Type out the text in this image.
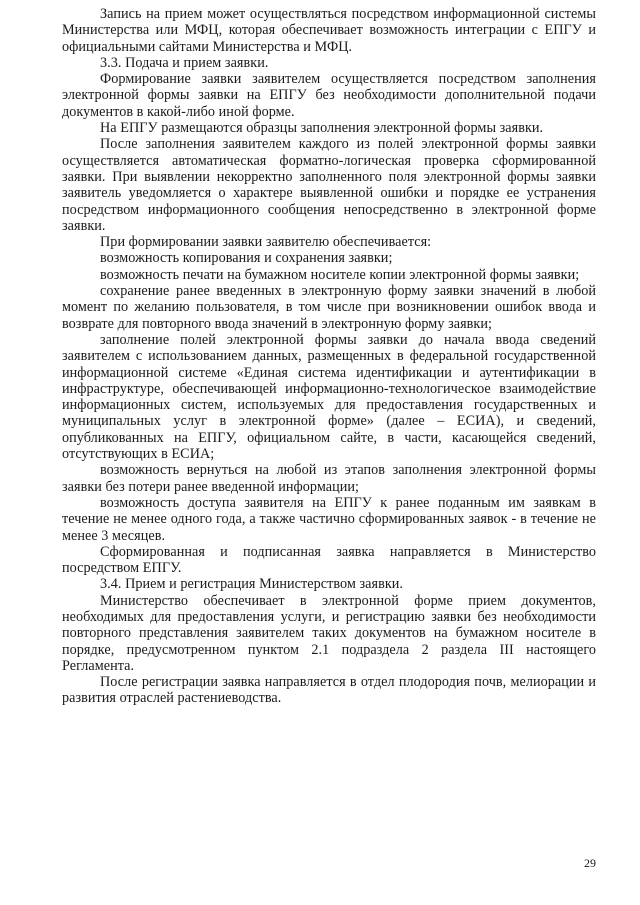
Запись на прием может осуществляться посредством информационной системы Министерства или МФЦ, которая обеспечивает возможность интеграции с ЕПГУ и официальными сайтами Министерства и МФЦ.

3.3. Подача и прием заявки.

Формирование заявки заявителем осуществляется посредством заполнения электронной формы заявки на ЕПГУ без необходимости дополнительной подачи документов в какой-либо иной форме.

На ЕПГУ размещаются образцы заполнения электронной формы заявки.

После заполнения заявителем каждого из полей электронной формы заявки осуществляется автоматическая форматно-логическая проверка сформированной заявки. При выявлении некорректно заполненного поля электронной формы заявки заявитель уведомляется о характере выявленной ошибки и порядке ее устранения посредством информационного сообщения непосредственно в электронной форме заявки.

При формировании заявки заявителю обеспечивается:

возможность копирования и сохранения заявки;

возможность печати на бумажном носителе копии электронной формы заявки;

сохранение ранее введенных в электронную форму заявки значений в любой момент по желанию пользователя, в том числе при возникновении ошибок ввода и возврате для повторного ввода значений в электронную форму заявки;

заполнение полей электронной формы заявки до начала ввода сведений заявителем с использованием данных, размещенных в федеральной государственной информационной системе «Единая система идентификации и аутентификации в инфраструктуре, обеспечивающей информационно-технологическое взаимодействие информационных систем, используемых для предоставления государственных и муниципальных услуг в электронной форме» (далее – ЕСИА), и сведений, опубликованных на ЕПГУ, официальном сайте, в части, касающейся сведений, отсутствующих в ЕСИА;

возможность вернуться на любой из этапов заполнения электронной формы заявки без потери ранее введенной информации;

возможность доступа заявителя на ЕПГУ к ранее поданным им заявкам в течение не менее одного года, а также частично сформированных заявок - в течение не менее 3 месяцев.

Сформированная и подписанная заявка направляется в Министерство посредством ЕПГУ.

3.4. Прием и регистрация Министерством заявки.

Министерство обеспечивает в электронной форме прием документов, необходимых для предоставления услуги, и регистрацию заявки без необходимости повторного представления заявителем таких документов на бумажном носителе в порядке, предусмотренном пунктом 2.1 подраздела 2 раздела III настоящего Регламента.

После регистрации заявка направляется в отдел плодородия почв, мелиорации и развития отраслей растениеводства.

29
